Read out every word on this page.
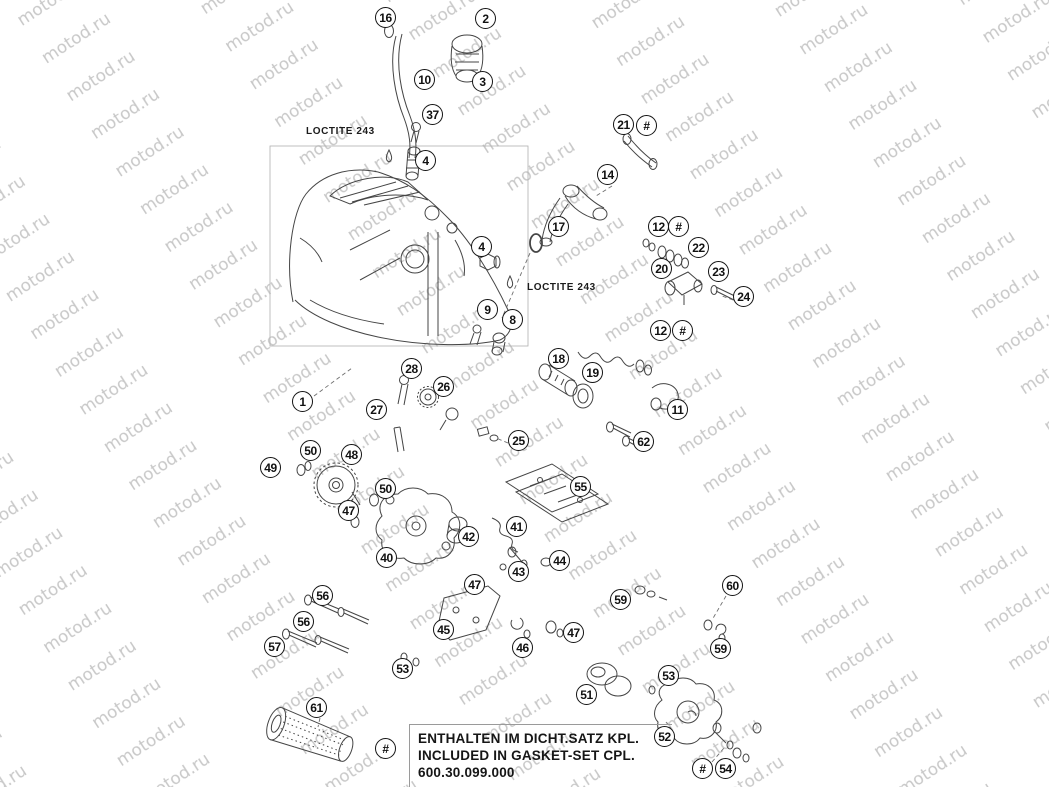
LOCTITE 243
LOCTITE 243
ENTHALTEN IM DICHT.SATZ KPL.
INCLUDED IN GASKET-SET CPL.
600.30.099.000
16	2
10	3
37
21	#
4
14
12 #
17
4	22
20	23
24
9
8
12	#
18
28	19
26
1
27	11
25	62
50	48
49
55
50
47
41
42
40	44
43
47	60
56	59
56
45	47
57	46	59
53	53
51
61
52
#
#	54
